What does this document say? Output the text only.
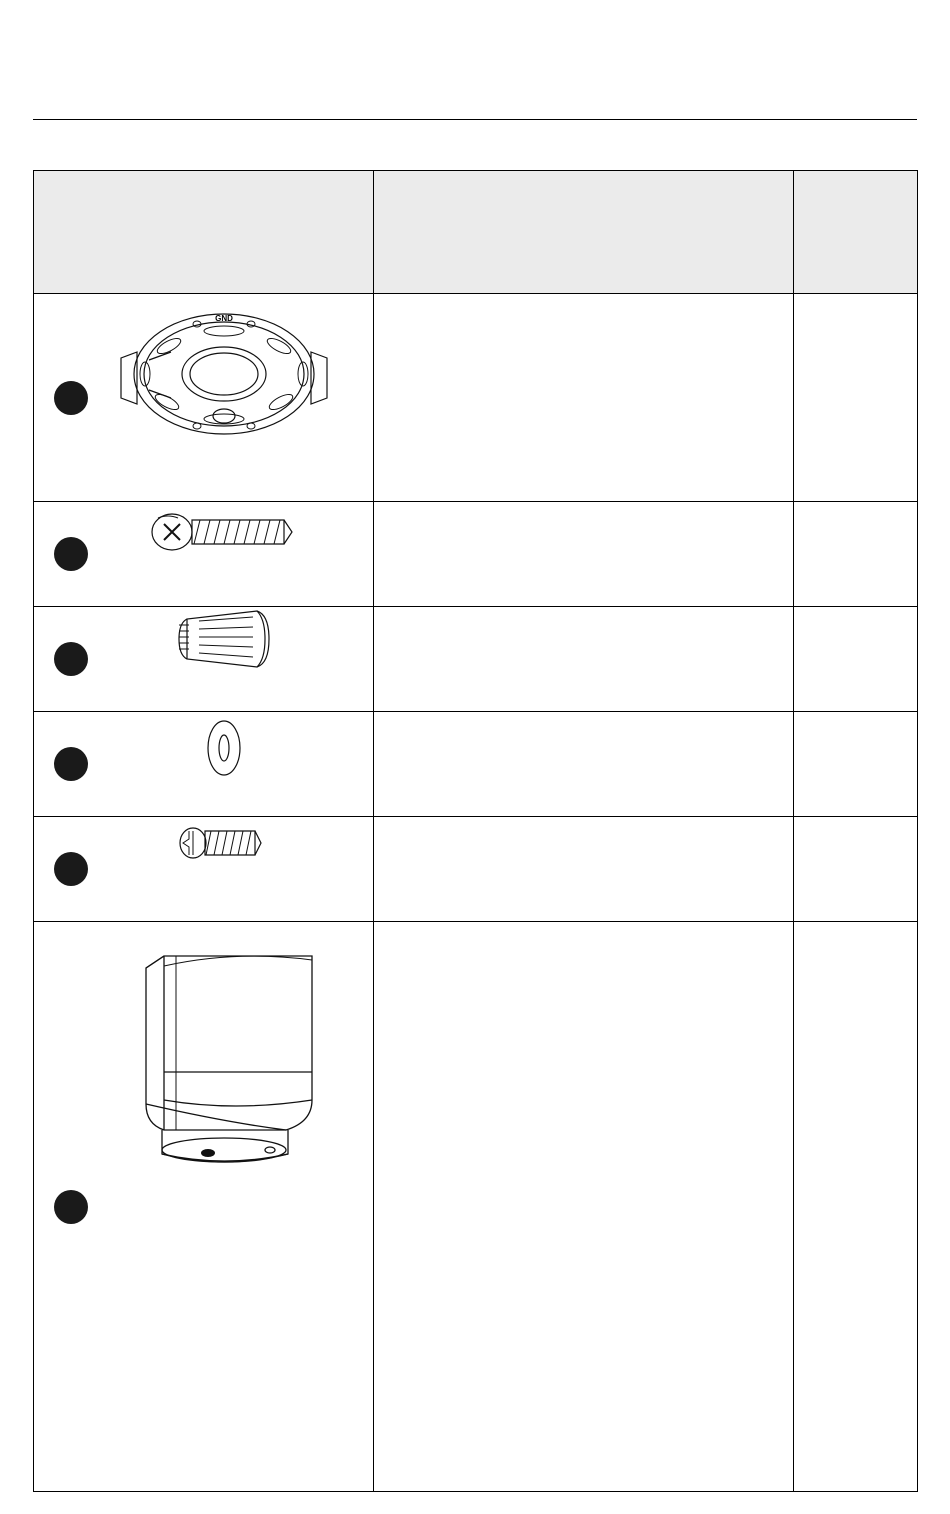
GND		
